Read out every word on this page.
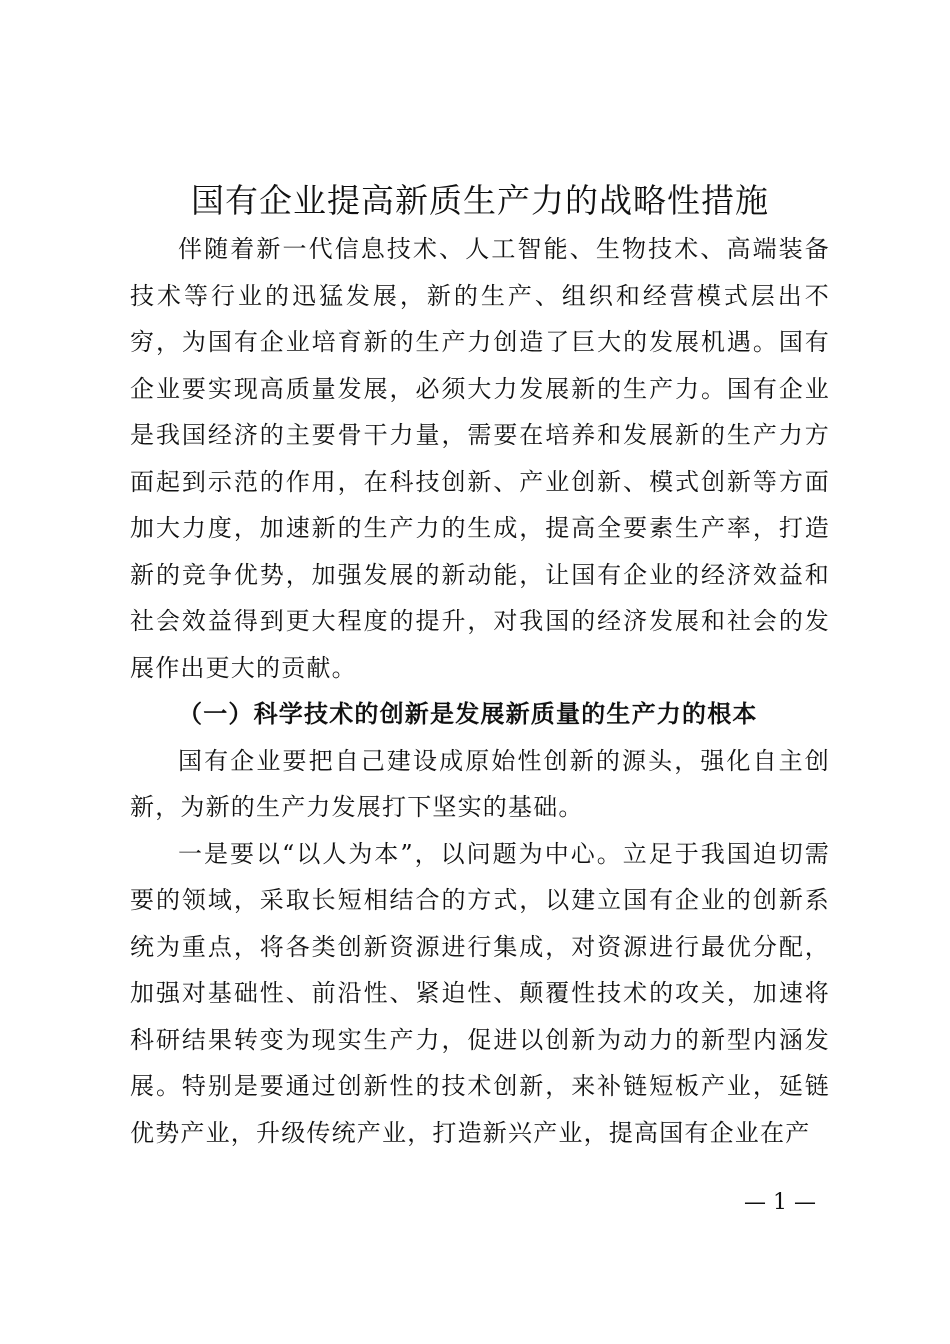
国有企业提高新质生产力的战略性措施

伴随着新一代信息技术、人工智能、生物技术、高端装备技术等行业的迅猛发展，新的生产、组织和经营模式层出不穷，为国有企业培育新的生产力创造了巨大的发展机遇。国有企业要实现高质量发展，必须大力发展新的生产力。国有企业是我国经济的主要骨干力量，需要在培养和发展新的生产力方面起到示范的作用，在科技创新、产业创新、模式创新等方面加大力度，加速新的生产力的生成，提高全要素生产率，打造新的竞争优势，加强发展的新动能，让国有企业的经济效益和社会效益得到更大程度的提升，对我国的经济发展和社会的发展作出更大的贡献。

（一）科学技术的创新是发展新质量的生产力的根本

国有企业要把自己建设成原始性创新的源头，强化自主创新，为新的生产力发展打下坚实的基础。

一是要以“以人为本”，以问题为中心。立足于我国迫切需要的领域，采取长短相结合的方式，以建立国有企业的创新系统为重点，将各类创新资源进行集成，对资源进行最优分配，加强对基础性、前沿性、紧迫性、颠覆性技术的攻关，加速将科研结果转变为现实生产力，促进以创新为动力的新型内涵发展。特别是要通过创新性的技术创新，来补链短板产业，延链优势产业，升级传统产业，打造新兴产业，提高国有企业在产

— 1 —
